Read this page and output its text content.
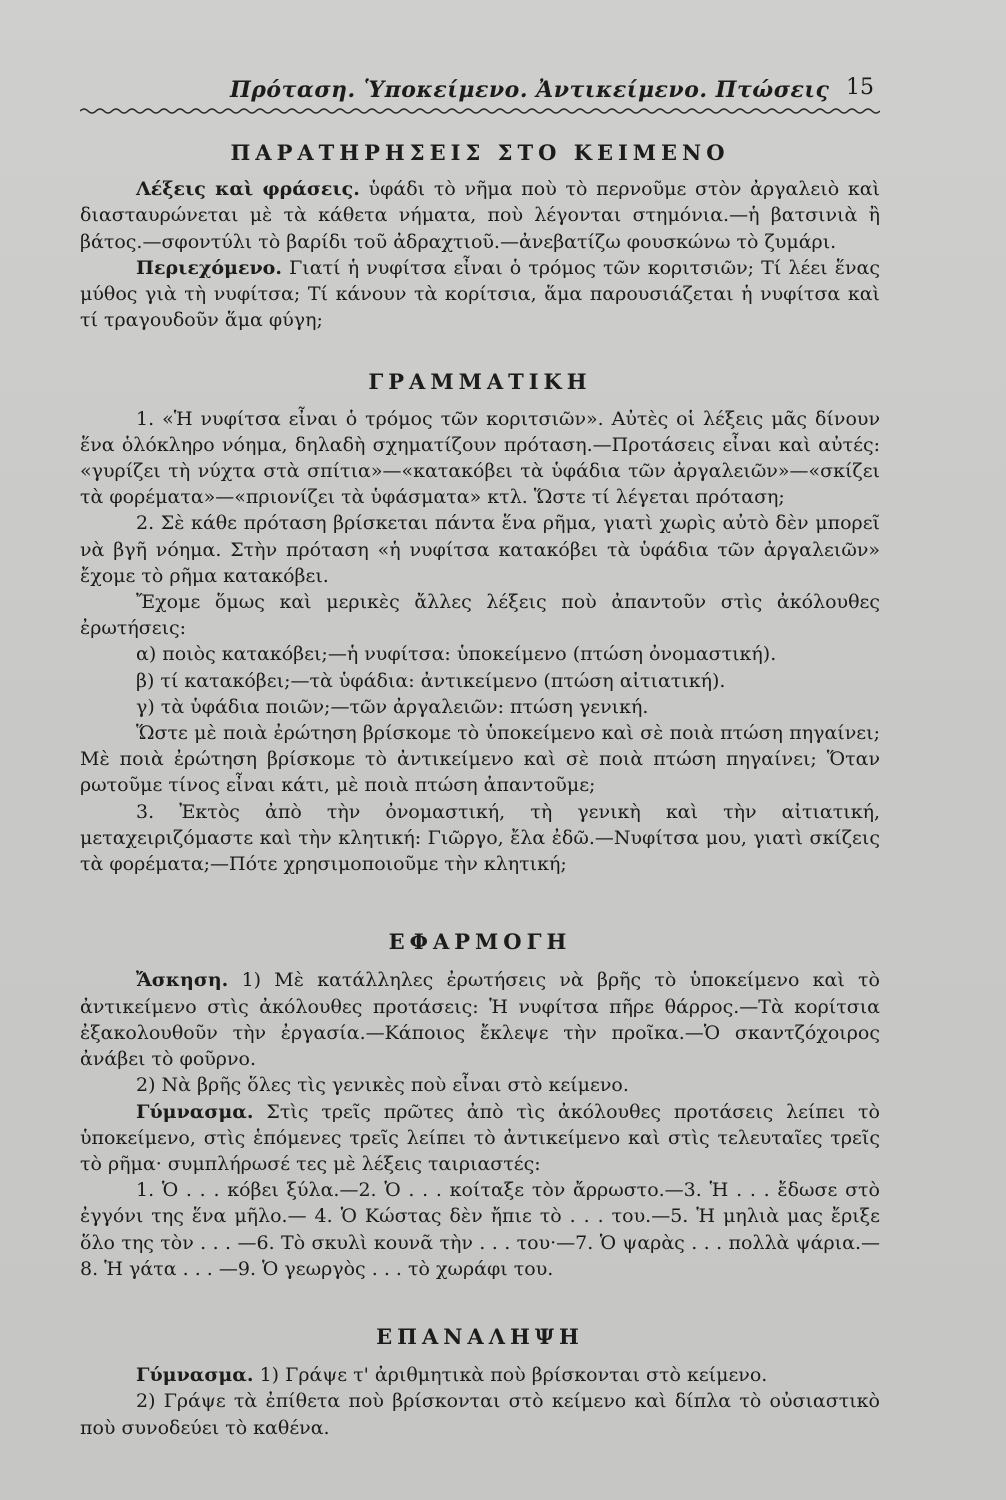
Πρόταση. Ὑποκείμενο. Ἀντικείμενο. Πτώσεις 15
ΠΑΡΑΤΗΡΗΣΕΙΣ ΣΤΟ ΚΕΙΜΕΝΟ

Λέξεις καὶ φράσεις. ὑφάδι τὸ νῆμα ποὺ τὸ περνοῦμε στὸν ἀργαλειὸ καὶ διασταυρώνεται μὲ τὰ κάθετα νήματα, ποὺ λέγονται στημόνια.—ἡ βατσινιὰ ἢ βάτος.—σφοντύλι τὸ βαρίδι τοῦ ἀδραχτιοῦ.—ἀνεβατίζω φουσκώνω τὸ ζυμάρι.

Περιεχόμενο. Γιατί ἡ νυφίτσα εἶναι ὁ τρόμος τῶν κοριτσιῶν; Τί λέει ἕνας μύθος γιὰ τὴ νυφίτσα; Τί κάνουν τὰ κορίτσια, ἅμα παρουσιάζεται ἡ νυφίτσα καὶ τί τραγουδοῦν ἅμα φύγη;

ΓΡΑΜΜΑΤΙΚΗ

1. «Ἡ νυφίτσα εἶναι ὁ τρόμος τῶν κοριτσιῶν». Αὐτὲς οἱ λέξεις μᾶς δίνουν ἕνα ὁλόκληρο νόημα, δηλαδὴ σχηματίζουν πρόταση.—Προτάσεις εἶναι καὶ αὐτές: «γυρίζει τὴ νύχτα στὰ σπίτια»—«κατακόβει τὰ ὑφάδια τῶν ἀργαλειῶν»—«σκίζει τὰ φορέματα»—«πριονίζει τὰ ὑφάσματα» κτλ. Ὥστε τί λέγεται πρόταση;

2. Σὲ κάθε πρόταση βρίσκεται πάντα ἕνα ρῆμα, γιατὶ χωρὶς αὐτὸ δὲν μπορεῖ νὰ βγῆ νόημα. Στὴν πρόταση «ἡ νυφίτσα κατακόβει τὰ ὑφάδια τῶν ἀργαλειῶν» ἔχομε τὸ ρῆμα κατακόβει.

Ἔχομε ὅμως καὶ μερικὲς ἄλλες λέξεις ποὺ ἀπαντοῦν στὶς ἀκόλουθες ἐρωτήσεις:

α) ποιὸς κατακόβει;—ἡ νυφίτσα: ὑποκείμενο (πτώση ὀνομαστική).

β) τί κατακόβει;—τὰ ὑφάδια: ἀντικείμενο (πτώση αἰτιατική).

γ) τὰ ὑφάδια ποιῶν;—τῶν ἀργαλειῶν: πτώση γενική.

Ὥστε μὲ ποιὰ ἐρώτηση βρίσκομε τὸ ὑποκείμενο καὶ σὲ ποιὰ πτώση πηγαίνει; Μὲ ποιὰ ἐρώτηση βρίσκομε τὸ ἀντικείμενο καὶ σὲ ποιὰ πτώση πηγαίνει; Ὅταν ρωτοῦμε τίνος εἶναι κάτι, μὲ ποιὰ πτώση ἀπαντοῦμε;

3. Ἐκτὸς ἀπὸ τὴν ὀνομαστική, τὴ γενικὴ καὶ τὴν αἰτιατική, μεταχειριζόμαστε καὶ τὴν κλητική: Γιῶργο, ἔλα ἐδῶ.—Νυφίτσα μου, γιατὶ σκίζεις τὰ φορέματα;—Πότε χρησιμοποιοῦμε τὴν κλητική;

ΕΦΑΡΜΟΓΗ

Ἄσκηση. 1) Μὲ κατάλληλες ἐρωτήσεις νὰ βρῆς τὸ ὑποκείμενο καὶ τὸ ἀντικείμενο στὶς ἀκόλουθες προτάσεις: Ἡ νυφίτσα πῆρε θάρρος.—Τὰ κορίτσια ἐξακολουθοῦν τὴν ἐργασία.—Κάποιος ἔκλεψε τὴν προῖκα.—Ὁ σκαντζόχοιρος ἀνάβει τὸ φοῦρνο.

2) Νὰ βρῆς ὅλες τὶς γενικὲς ποὺ εἶναι στὸ κείμενο.

Γύμνασμα. Στὶς τρεῖς πρῶτες ἀπὸ τὶς ἀκόλουθες προτάσεις λείπει τὸ ὑποκείμενο, στὶς ἑπόμενες τρεῖς λείπει τὸ ἀντικείμενο καὶ στὶς τελευταῖες τρεῖς τὸ ρῆμα· συμπλήρωσέ τες μὲ λέξεις ταιριαστές:

1. Ὁ . . . κόβει ξύλα.—2. Ὁ . . . κοίταξε τὸν ἄρρωστο.—3. Ἡ . . . ἔδωσε στὸ ἐγγόνι της ἕνα μῆλο.— 4. Ὁ Κώστας δὲν ἤπιε τὸ . . . του.—5. Ἡ μηλιὰ μας ἔριξε ὅλο της τὸν . . . —6. Τὸ σκυλὶ κουνᾶ τὴν . . . του·—7. Ὁ ψαρὰς . . . πολλὰ ψάρια.—8. Ἡ γάτα . . . —9. Ὁ γεωργὸς . . . τὸ χωράφι του.

ΕΠΑΝΑΛΗΨΗ

Γύμνασμα. 1) Γράψε τ' ἀριθμητικὰ ποὺ βρίσκονται στὸ κείμενο.

2) Γράψε τὰ ἐπίθετα ποὺ βρίσκονται στὸ κείμενο καὶ δίπλα τὸ οὐσιαστικὸ ποὺ συνοδεύει τὸ καθένα.
